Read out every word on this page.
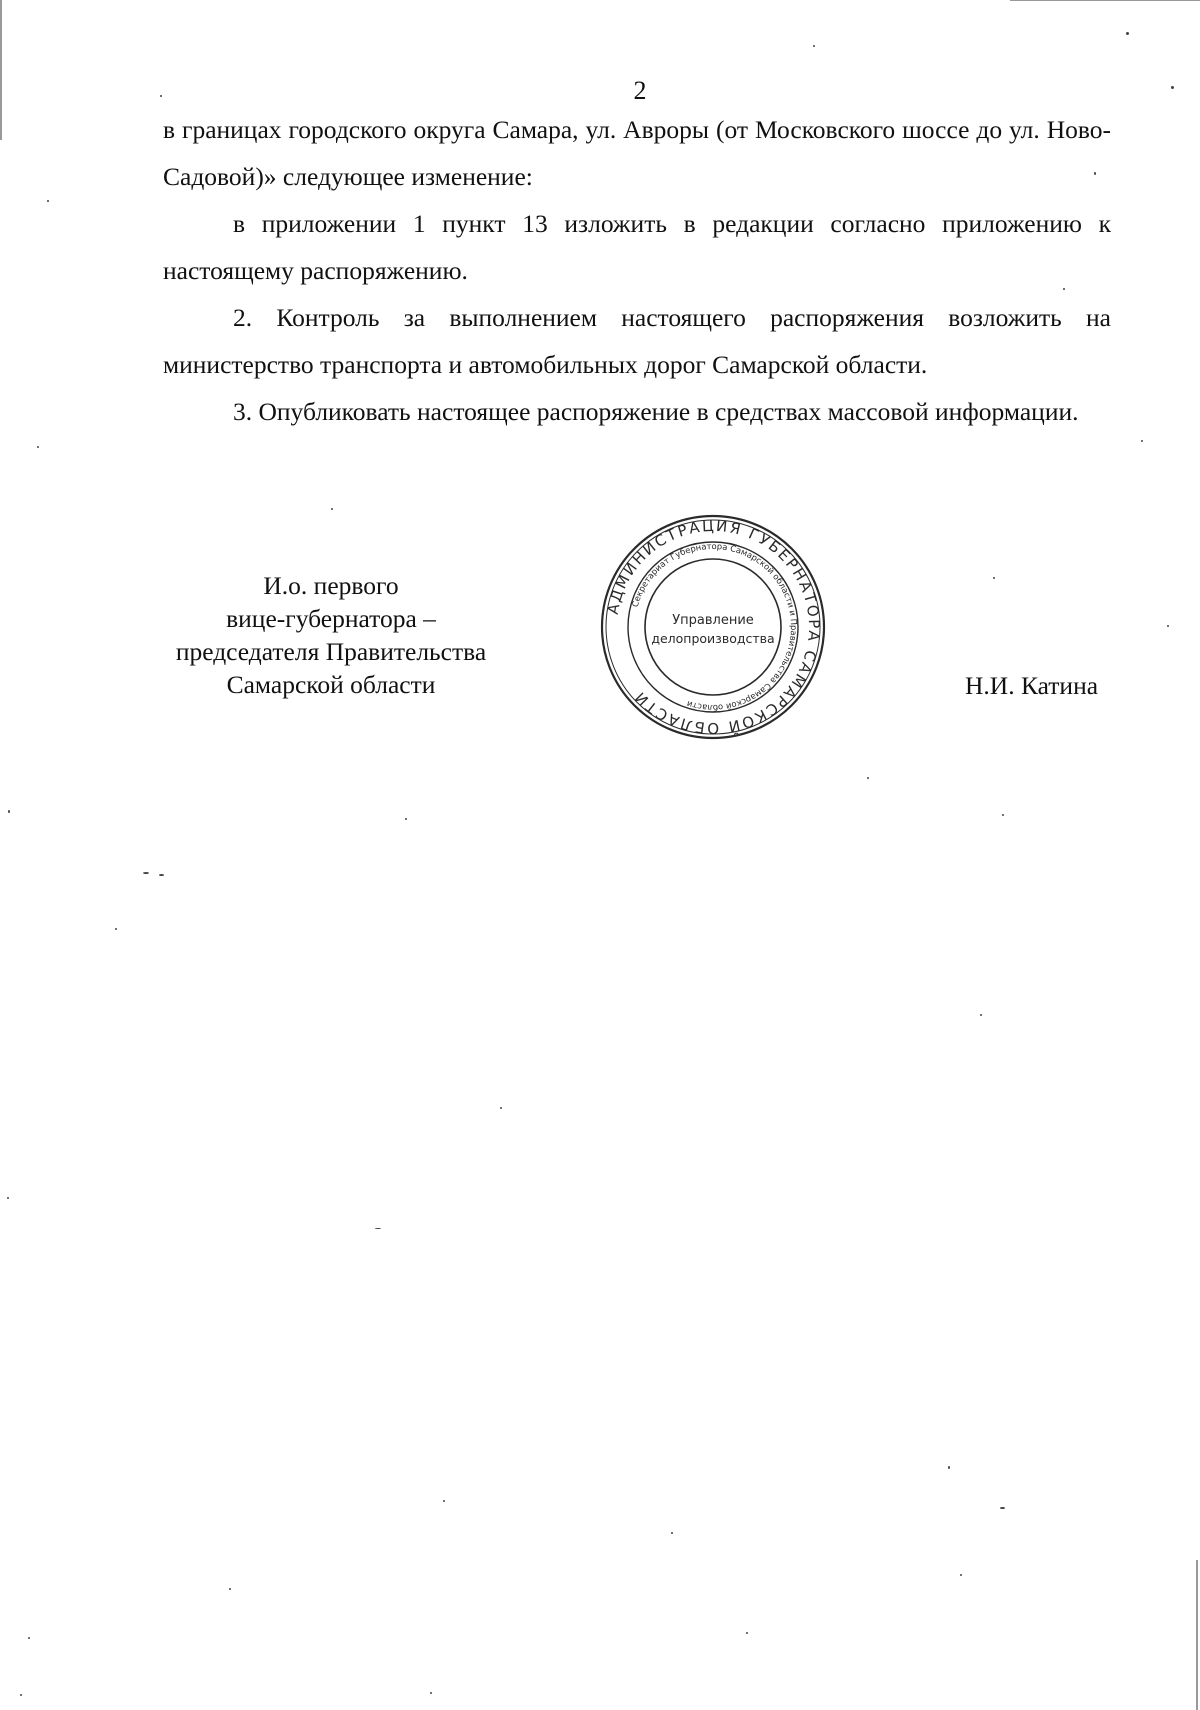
2

в границах городского округа Самара, ул. Авроры (от Московского шоссе до ул. Ново-Садовой)» следующее изменение:

в приложении 1 пункт 13 изложить в редакции согласно приложению к настоящему распоряжению.

2. Контроль за выполнением настоящего распоряжения возложить на министерство транспорта и автомобильных дорог Самарской области.

3. Опубликовать настоящее распоряжение в средствах массовой информации.

И.о. первого
вице-губернатора –
председателя Правительства
Самарской области
АДМИНИСТРАЦИЯ ГУБЕРНАТОРА САМАРСКОЙ ОБЛАСТИ
Секретариат Губернатора Самарской области и Правительства Самарской области
Управление
делопроизводства
Н.И. Катина
